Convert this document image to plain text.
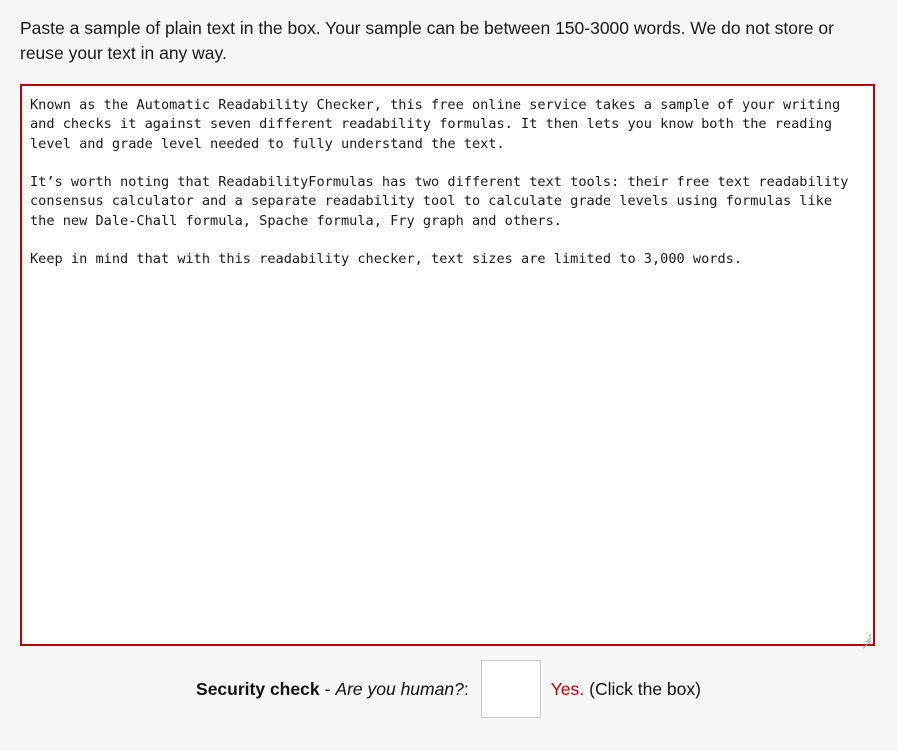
Paste a sample of plain text in the box. Your sample can be between 150-3000 words. We do not store or reuse your text in any way.

Known as the Automatic Readability Checker, this free online service takes a sample of your writing and checks it against seven different readability formulas. It then lets you know both the reading level and grade level needed to fully understand the text. It’s worth noting that ReadabilityFormulas has two different text tools: their free text readability consensus calculator and a separate readability tool to calculate grade levels using formulas like the new Dale-Chall formula, Spache formula, Fry graph and others. Keep in mind that with this readability checker, text sizes are limited to 3,000 words.
Security check - Are you human? :	Yes. (Click the box)
